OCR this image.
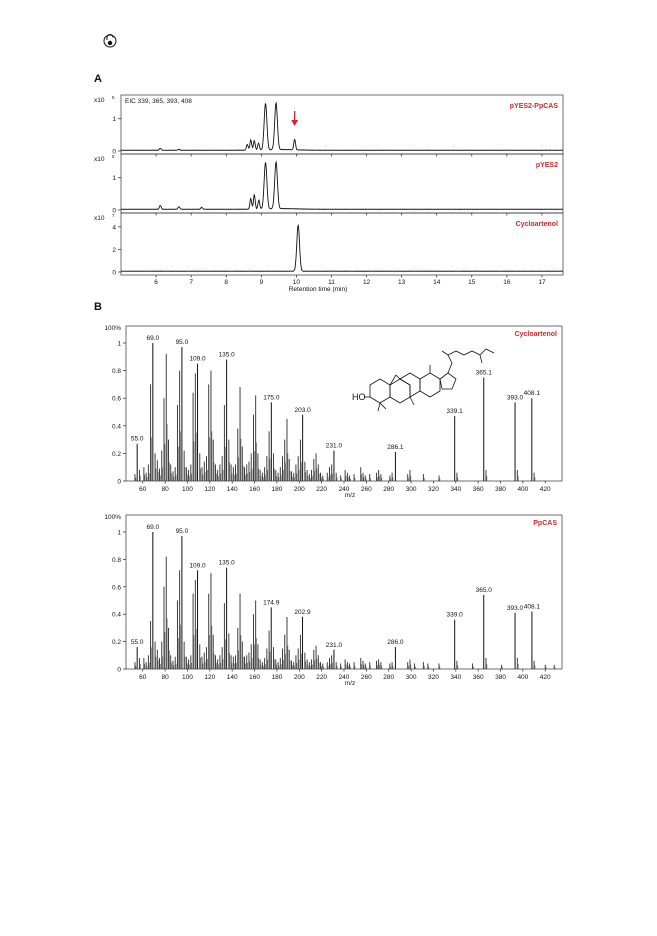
A
0
1
x10 5
pYES2-PpCAS
EIC 339, 365, 393, 408
0
1
x10 5
pYES2
0
2
4
x10 7
Cycloartenol
6	7	8	9	10	11	12	13	14	15	16	17
Retention time (min)
B
100%
Cycloartenol
0
0.2
0.4
0.6
0.8
1
60 80 100 120 140 160 180 200 220 240 260 280 300 320 340 360 380 400 420
m/z
55.0
69.0
95.0
109.0
135.0
175.0
203.0
231.0	286.1
339.1
365.1
393.0
408.1
100%
PpCAS
0
0.2
0.4
0.6
0.8
1
60 80 100 120 140 160 180 200 220 240 260 280 300 320 340 360 380 400 420
m/z
55.0
69.0
95.0
109.0 135.0
174.9
202.9
231.0	286.0
339.0
365.0
393.0 408.1
HO
